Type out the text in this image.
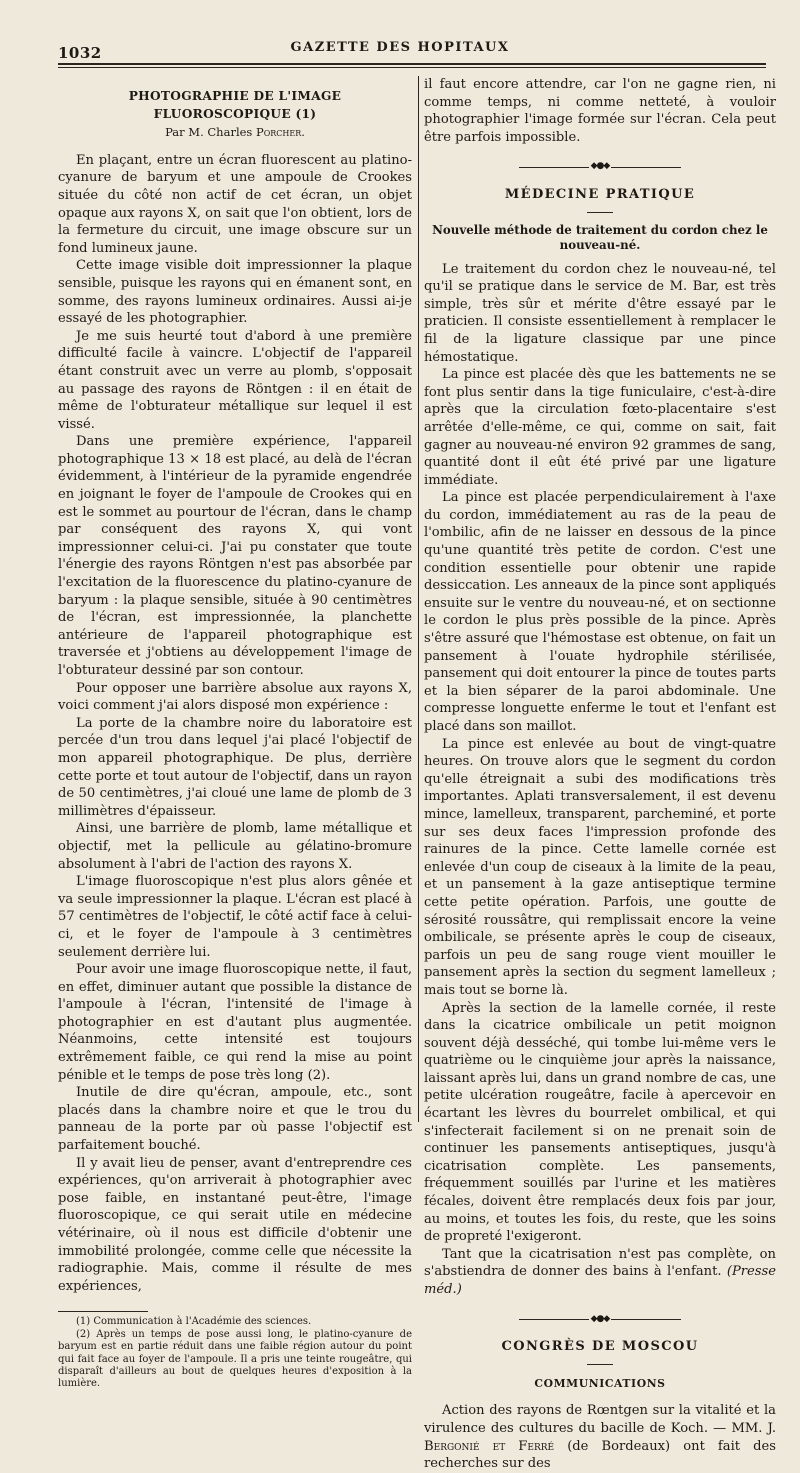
1032	GAZETTE DES HOPITAUX
PHOTOGRAPHIE DE L'IMAGE FLUOROSCOPIQUE (1)
Par M. Charles Porcher.

En plaçant, entre un écran fluorescent au platino-cyanure de baryum et une ampoule de Crookes située du côté non actif de cet écran, un objet opaque aux rayons X, on sait que l'on obtient, lors de la fermeture du circuit, une image obscure sur un fond lumineux jaune.

Cette image visible doit impressionner la plaque sensible, puisque les rayons qui en émanent sont, en somme, des rayons lumineux ordinaires. Aussi ai-je essayé de les photographier.

Je me suis heurté tout d'abord à une première difficulté facile à vaincre. L'objectif de l'appareil étant construit avec un verre au plomb, s'opposait au passage des rayons de Röntgen : il en était de même de l'obturateur métallique sur lequel il est vissé.

Dans une première expérience, l'appareil photographique 13 × 18 est placé, au delà de l'écran évidemment, à l'intérieur de la pyramide engendrée en joignant le foyer de l'ampoule de Crookes qui en est le sommet au pourtour de l'écran, dans le champ par conséquent des rayons X, qui vont impressionner celui-ci. J'ai pu constater que toute l'énergie des rayons Röntgen n'est pas absorbée par l'excitation de la fluorescence du platino-cyanure de baryum : la plaque sensible, située à 90 centimètres de l'écran, est impressionnée, la planchette antérieure de l'appareil photographique est traversée et j'obtiens au développement l'image de l'obturateur dessiné par son contour.

Pour opposer une barrière absolue aux rayons X, voici comment j'ai alors disposé mon expérience :

La porte de la chambre noire du laboratoire est percée d'un trou dans lequel j'ai placé l'objectif de mon appareil photographique. De plus, derrière cette porte et tout autour de l'objectif, dans un rayon de 50 centimètres, j'ai cloué une lame de plomb de 3 millimètres d'épaisseur.

Ainsi, une barrière de plomb, lame métallique et objectif, met la pellicule au gélatino-bromure absolument à l'abri de l'action des rayons X.

L'image fluoroscopique n'est plus alors gênée et va seule impressionner la plaque. L'écran est placé à 57 centimètres de l'objectif, le côté actif face à celui-ci, et le foyer de l'ampoule à 3 centimètres seulement derrière lui.

Pour avoir une image fluoroscopique nette, il faut, en effet, diminuer autant que possible la distance de l'ampoule à l'écran, l'intensité de l'image à photographier en est d'autant plus augmentée. Néanmoins, cette intensité est toujours extrêmement faible, ce qui rend la mise au point pénible et le temps de pose très long (2).

Inutile de dire qu'écran, ampoule, etc., sont placés dans la chambre noire et que le trou du panneau de la porte par où passe l'objectif est parfaitement bouché.

Il y avait lieu de penser, avant d'entreprendre ces expériences, qu'on arriverait à photographier avec pose faible, en instantané peut-être, l'image fluoroscopique, ce qui serait utile en médecine vétérinaire, où il nous est difficile d'obtenir une immobilité prolongée, comme celle que nécessite la radiographie. Mais, comme il résulte de mes expériences,

(1) Communication à l'Académie des sciences.

(2) Après un temps de pose aussi long, le platino-cyanure de baryum est en partie réduit dans une faible région autour du point qui fait face au foyer de l'ampoule. Il a pris une teinte rougeâtre, qui disparaît d'ailleurs au bout de quelques heures d'exposition à la lumière.

il faut encore attendre, car l'on ne gagne rien, ni comme temps, ni comme netteté, à vouloir photographier l'image formée sur l'écran. Cela peut être parfois impossible.

◆●◆
MÉDECINE PRATIQUE
Nouvelle méthode de traitement du cordon chez le nouveau-né.

Le traitement du cordon chez le nouveau-né, tel qu'il se pratique dans le service de M. Bar, est très simple, très sûr et mérite d'être essayé par le praticien. Il consiste essentiellement à remplacer le fil de la ligature classique par une pince hémostatique.

La pince est placée dès que les battements ne se font plus sentir dans la tige funiculaire, c'est-à-dire après que la circulation fœto-placentaire s'est arrêtée d'elle-même, ce qui, comme on sait, fait gagner au nouveau-né environ 92 grammes de sang, quantité dont il eût été privé par une ligature immédiate.

La pince est placée perpendiculairement à l'axe du cordon, immédiatement au ras de la peau de l'ombilic, afin de ne laisser en dessous de la pince qu'une quantité très petite de cordon. C'est une condition essentielle pour obtenir une rapide dessiccation. Les anneaux de la pince sont appliqués ensuite sur le ventre du nouveau-né, et on sectionne le cordon le plus près possible de la pince. Après s'être assuré que l'hémostase est obtenue, on fait un pansement à l'ouate hydrophile stérilisée, pansement qui doit entourer la pince de toutes parts et la bien séparer de la paroi abdominale. Une compresse longuette enferme le tout et l'enfant est placé dans son maillot.

La pince est enlevée au bout de vingt-quatre heures. On trouve alors que le segment du cordon qu'elle étreignait a subi des modifications très importantes. Aplati transversalement, il est devenu mince, lamelleux, transparent, parcheminé, et porte sur ses deux faces l'impression profonde des rainures de la pince. Cette lamelle cornée est enlevée d'un coup de ciseaux à la limite de la peau, et un pansement à la gaze antiseptique termine cette petite opération. Parfois, une goutte de sérosité roussâtre, qui remplissait encore la veine ombilicale, se présente après le coup de ciseaux, parfois un peu de sang rouge vient mouiller le pansement après la section du segment lamelleux ; mais tout se borne là.

Après la section de la lamelle cornée, il reste dans la cicatrice ombilicale un petit moignon souvent déjà desséché, qui tombe lui-même vers le quatrième ou le cinquième jour après la naissance, laissant après lui, dans un grand nombre de cas, une petite ulcération rougeâtre, facile à apercevoir en écartant les lèvres du bourrelet ombilical, et qui s'infecterait facilement si on ne prenait soin de continuer les pansements antiseptiques, jusqu'à cicatrisation complète. Les pansements, fréquemment souillés par l'urine et les matières fécales, doivent être remplacés deux fois par jour, au moins, et toutes les fois, du reste, que les soins de propreté l'exigeront.

Tant que la cicatrisation n'est pas complète, on s'abstiendra de donner des bains à l'enfant. (Presse méd.)

◆●◆
CONGRÈS DE MOSCOU
COMMUNICATIONS

Action des rayons de Rœntgen sur la vitalité et la virulence des cultures du bacille de Koch. — MM. J. Bergonié et Ferré (de Bordeaux) ont fait des recherches sur des
